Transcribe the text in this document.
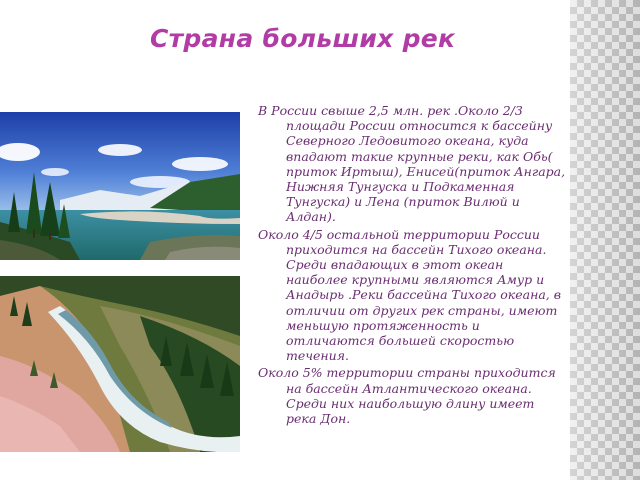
Страна больших рек

В России свыше 2,5 млн. рек .Около 2/3 площади России относится к бассейну Северного Ледовитого океана, куда впадают такие крупные реки, как Обь( приток Иртыш), Енисей(приток Ангара, Нижняя Тунгуска и Подкаменная Тунгуска) и Лена (приток Вилюй и Алдан).

Около 4/5 остальной территории России приходится на бассейн Тихого океана. Среди впадающих в этот океан наиболее крупными являются Амур и Анадырь .Реки бассейна Тихого океана, в отличии от других рек страны, имеют меньшую протяженность и отличаются большей скоростью течения.

Около 5% территории страны приходится на бассейн Атлантического океана. Среди них наибольшую длину имеет река Дон.
